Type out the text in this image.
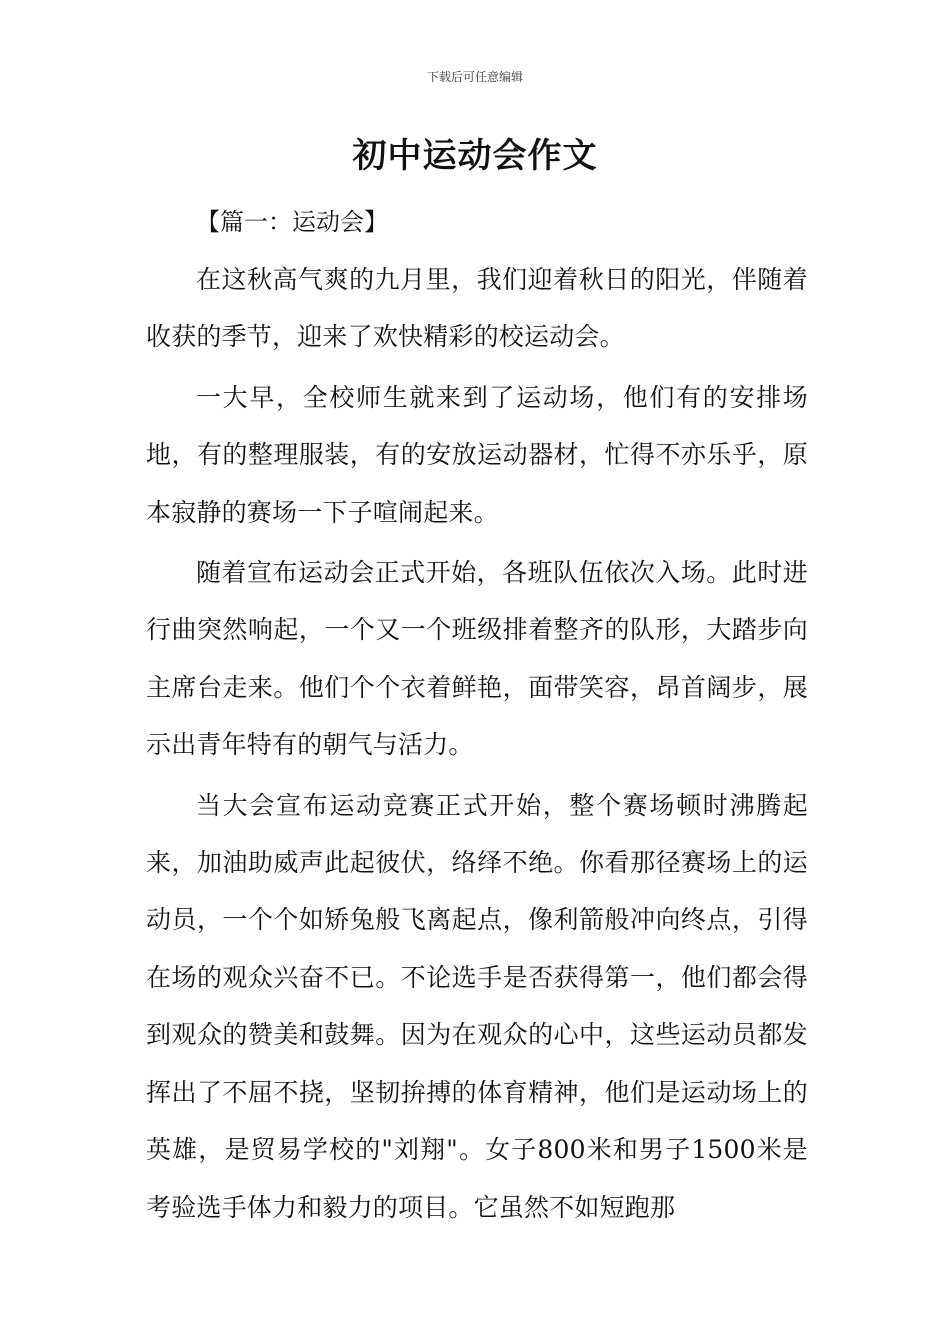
下载后可任意编辑
初中运动会作文
【篇一：运动会】

在这秋高气爽的九月里，我们迎着秋日的阳光，伴随着收获的季节，迎来了欢快精彩的校运动会。

一大早，全校师生就来到了运动场，他们有的安排场地，有的整理服装，有的安放运动器材，忙得不亦乐乎，原本寂静的赛场一下子喧闹起来。

随着宣布运动会正式开始，各班队伍依次入场。此时进行曲突然响起，一个又一个班级排着整齐的队形，大踏步向主席台走来。他们个个衣着鲜艳，面带笑容，昂首阔步，展示出青年特有的朝气与活力。

当大会宣布运动竞赛正式开始，整个赛场顿时沸腾起来，加油助威声此起彼伏，络绎不绝。你看那径赛场上的运动员，一个个如矫兔般飞离起点，像利箭般冲向终点，引得在场的观众兴奋不已。不论选手是否获得第一，他们都会得到观众的赞美和鼓舞。因为在观众的心中，这些运动员都发挥出了不屈不挠，坚韧拚搏的体育精神，他们是运动场上的英雄，是贸易学校的"刘翔"。女子800米和男子1500米是考验选手体力和毅力的项目。它虽然不如短跑那
